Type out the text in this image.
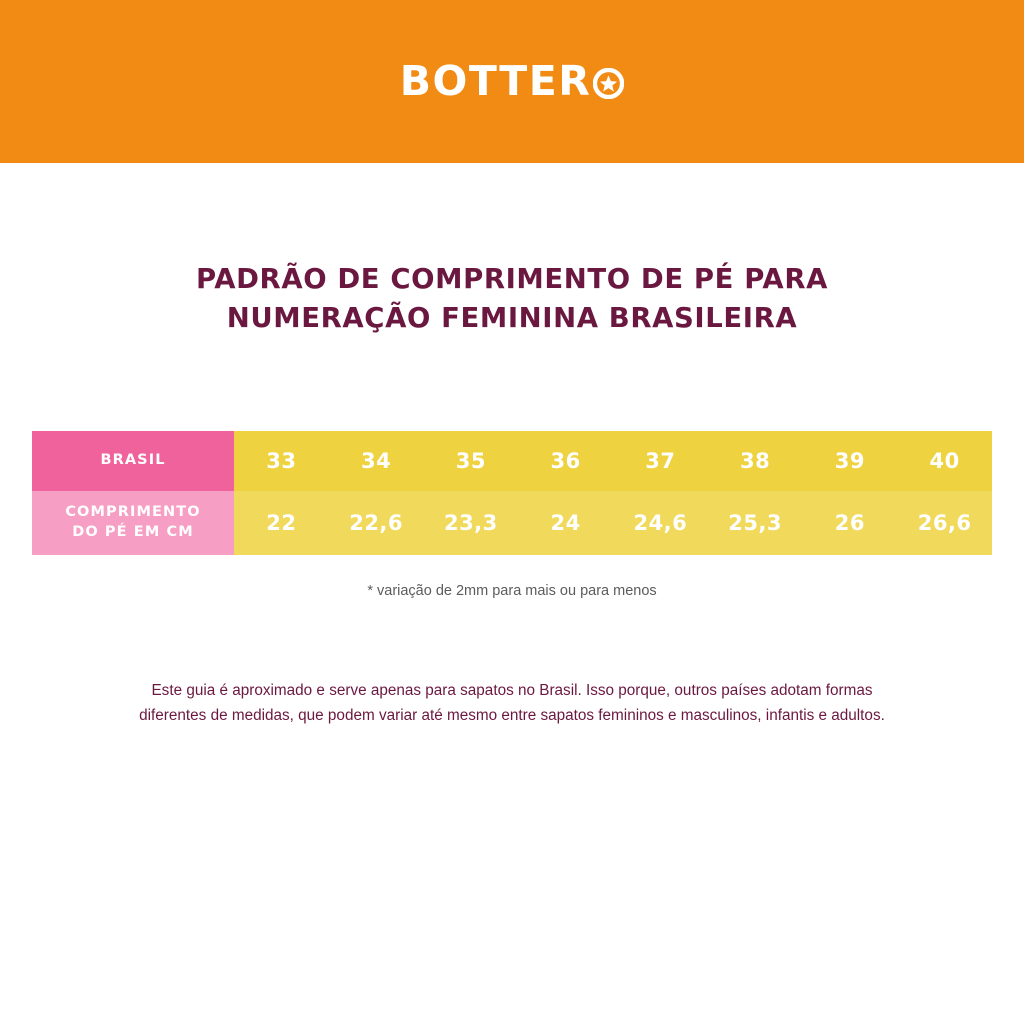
BOTTER
PADRÃO DE COMPRIMENTO DE PÉ PARA
NUMERAÇÃO FEMININA BRASILEIRA
BRASIL	33	34	35	36	37	38	39	40

COMPRIMENTO
DO PÉ EM CM	22	22,6	23,3	24	24,6	25,3	26	26,6
* variação de 2mm para mais ou para menos
Este guia é aproximado e serve apenas para sapatos no Brasil. Isso porque, outros países adotam formas
diferentes de medidas, que podem variar até mesmo entre sapatos femininos e masculinos, infantis e adultos.
